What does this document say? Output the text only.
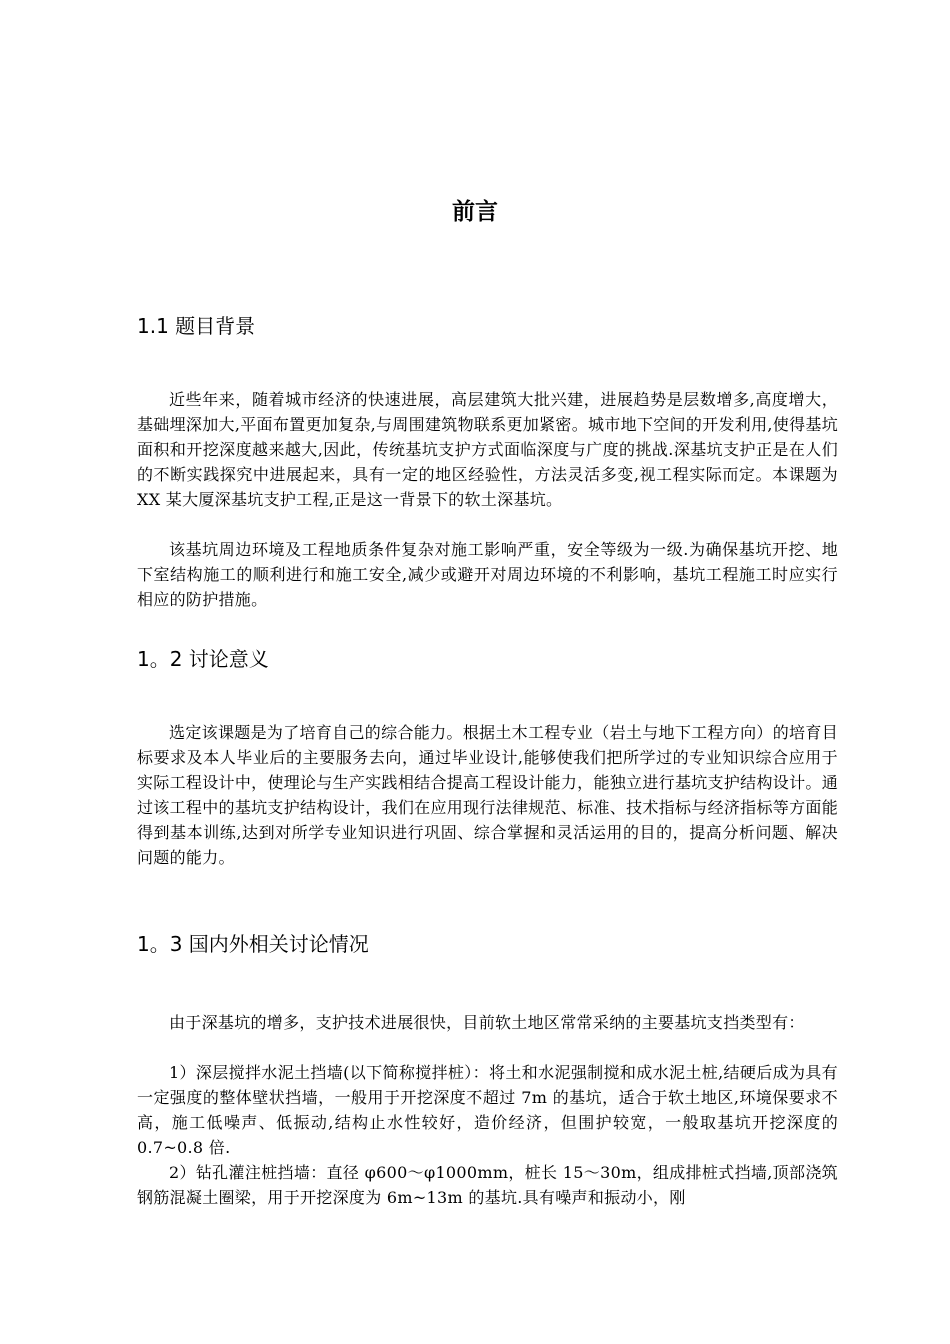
前言
1.1 题目背景

近些年来，随着城市经济的快速进展，高层建筑大批兴建，进展趋势是层数增多,高度增大，基础埋深加大,平面布置更加复杂,与周围建筑物联系更加紧密。城市地下空间的开发利用,使得基坑面积和开挖深度越来越大,因此，传统基坑支护方式面临深度与广度的挑战.深基坑支护正是在人们的不断实践探究中进展起来，具有一定的地区经验性，方法灵活多变,视工程实际而定。本课题为 XX 某大厦深基坑支护工程,正是这一背景下的软土深基坑。

该基坑周边环境及工程地质条件复杂对施工影响严重，安全等级为一级.为确保基坑开挖、地下室结构施工的顺利进行和施工安全,减少或避开对周边环境的不利影响，基坑工程施工时应实行相应的防护措施。

1。2 讨论意义

选定该课题是为了培育自己的综合能力。根据土木工程专业（岩土与地下工程方向）的培育目标要求及本人毕业后的主要服务去向，通过毕业设计,能够使我们把所学过的专业知识综合应用于实际工程设计中，使理论与生产实践相结合提高工程设计能力，能独立进行基坑支护结构设计。通过该工程中的基坑支护结构设计，我们在应用现行法律规范、标准、技术指标与经济指标等方面能得到基本训练,达到对所学专业知识进行巩固、综合掌握和灵活运用的目的，提高分析问题、解决问题的能力。

1。3 国内外相关讨论情况

由于深基坑的增多，支护技术进展很快，目前软土地区常常采纳的主要基坑支挡类型有：

1）深层搅拌水泥土挡墙(以下简称搅拌桩）：将土和水泥强制搅和成水泥土桩,结硬后成为具有一定强度的整体壁状挡墙，一般用于开挖深度不超过 7m 的基坑，适合于软土地区,环境保要求不高，施工低噪声、低振动,结构止水性较好，造价经济，但围护较宽，一般取基坑开挖深度的 0.7~0.8 倍.

2）钻孔灌注桩挡墙：直径 φ600～φ1000mm，桩长 15～30m，组成排桩式挡墙,顶部浇筑钢筋混凝土圈梁，用于开挖深度为 6m~13m 的基坑.具有噪声和振动小，刚
